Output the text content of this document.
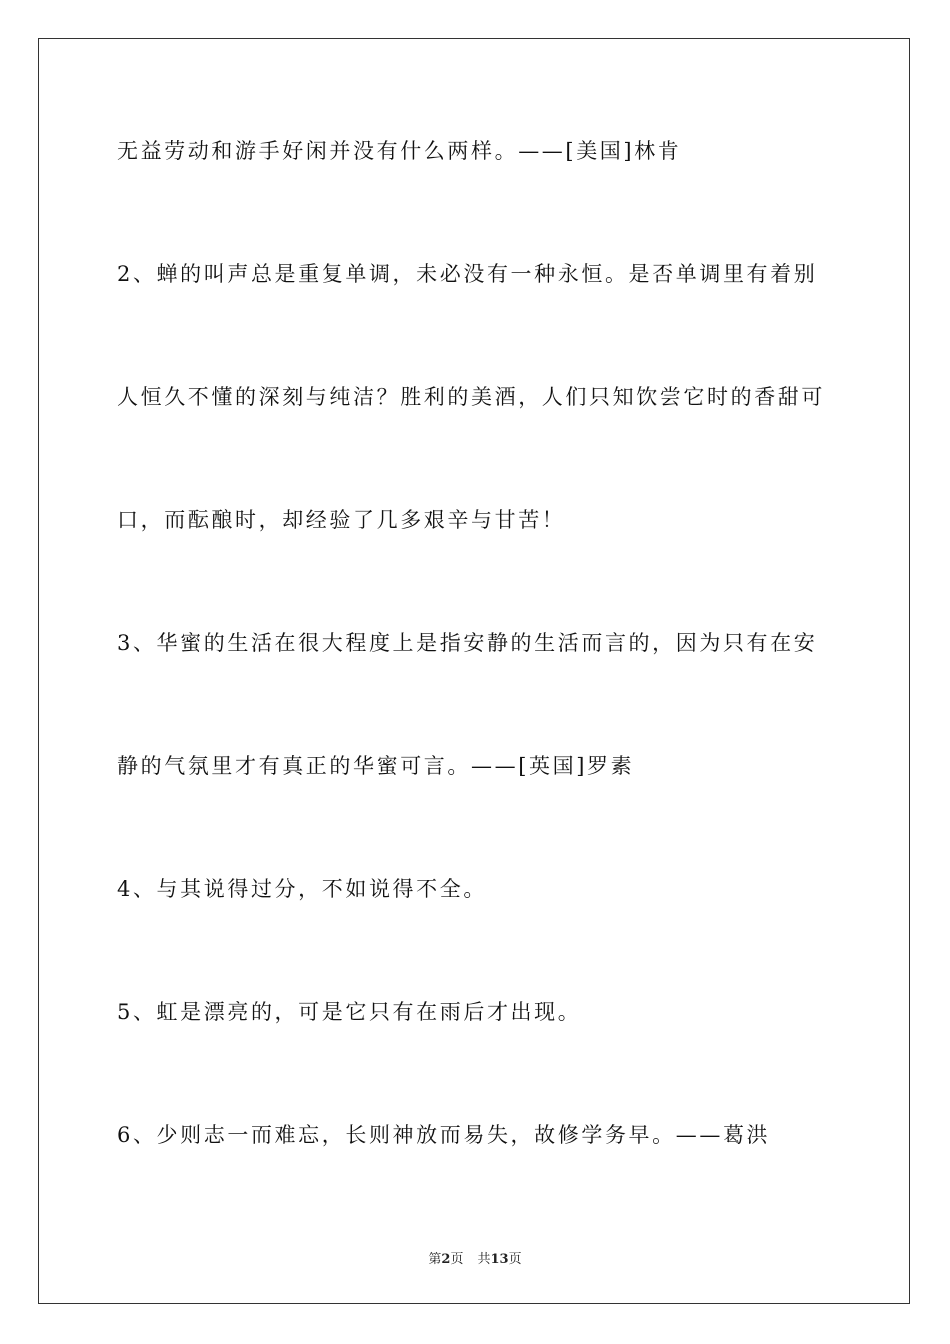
无益劳动和游手好闲并没有什么两样。——[美国]林肯
2、蝉的叫声总是重复单调，未必没有一种永恒。是否单调里有着别
人恒久不懂的深刻与纯洁？胜利的美酒，人们只知饮尝它时的香甜可
口，而酝酿时，却经验了几多艰辛与甘苦！
3、华蜜的生活在很大程度上是指安静的生活而言的，因为只有在安
静的气氛里才有真正的华蜜可言。——[英国]罗素
4、与其说得过分，不如说得不全。
5、虹是漂亮的，可是它只有在雨后才出现。
6、少则志一而难忘，长则神放而易失，故修学务早。——葛洪
第2页 共13页
